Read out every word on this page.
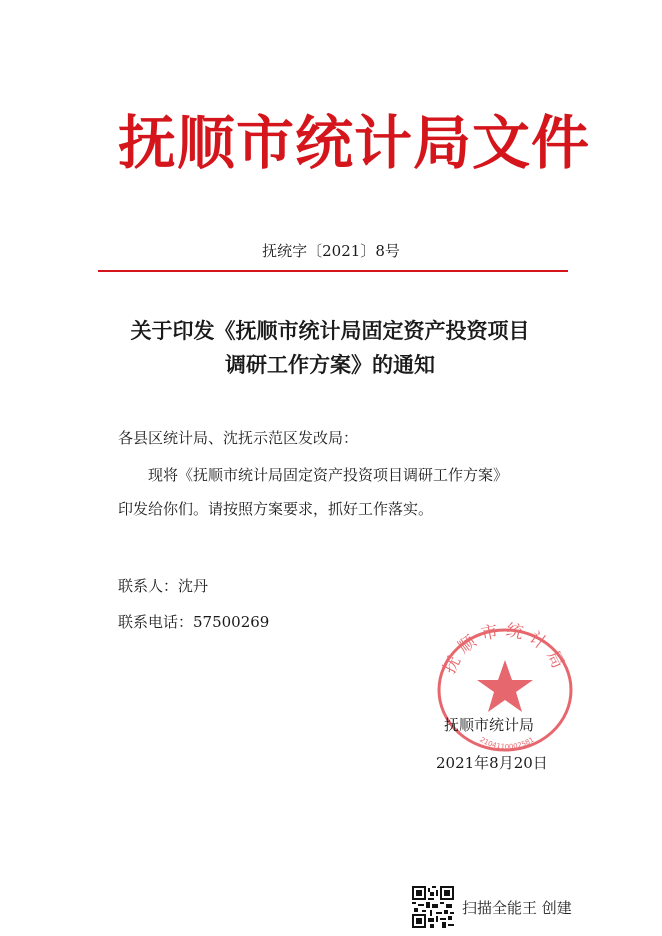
抚顺市统计局文件
抚统字〔2021〕8号
关于印发《抚顺市统计局固定资产投资项目
调研工作方案》的通知
各县区统计局、沈抚示范区发改局：
现将《抚顺市统计局固定资产投资项目调研工作方案》
印发给你们。请按照方案要求，抓好工作落实。
联系人：沈丹
联系电话：57500269
抚顺市统计局
2104110002581
抚顺市统计局
2021年8月20日
扫描全能王 创建
